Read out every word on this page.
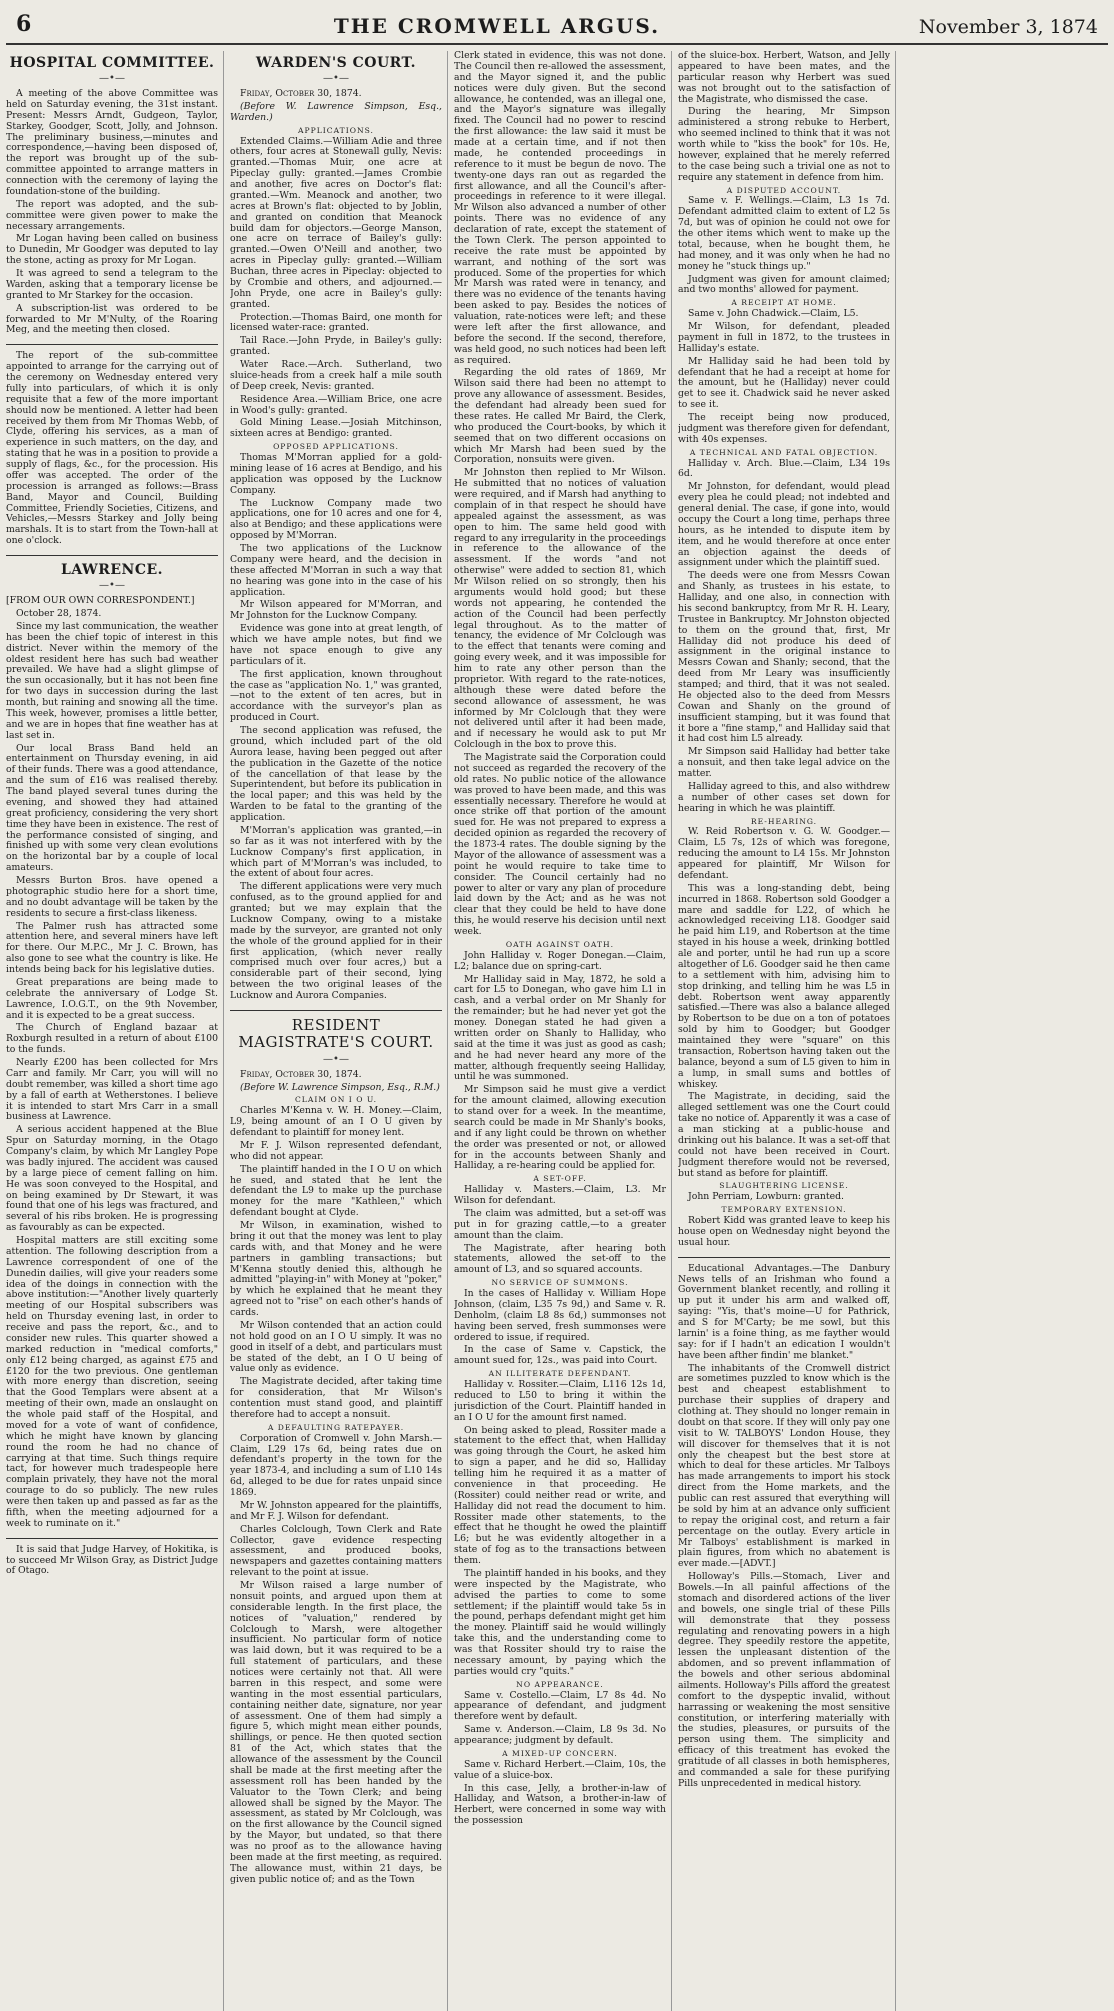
6	THE CROMWELL ARGUS.	November 3, 1874
HOSPITAL COMMITTEE.
—•—

A meeting of the above Committee was held on Saturday evening, the 31st instant. Present: Messrs Arndt, Gudgeon, Taylor, Starkey, Goodger, Scott, Jolly, and Johnson. The preliminary business,—minutes and correspondence,—having been disposed of, the report was brought up of the sub-committee appointed to arrange matters in connection with the ceremony of laying the foundation-stone of the building.

The report was adopted, and the sub-committee were given power to make the necessary arrangements.

Mr Logan having been called on business to Dunedin, Mr Goodger was deputed to lay the stone, acting as proxy for Mr Logan.

It was agreed to send a telegram to the Warden, asking that a temporary license be granted to Mr Starkey for the occasion.

A subscription-list was ordered to be forwarded to Mr M'Nulty, of the Roaring Meg, and the meeting then closed.

The report of the sub-committee appointed to arrange for the carrying out of the ceremony on Wednesday entered very fully into particulars, of which it is only requisite that a few of the more important should now be mentioned. A letter had been received by them from Mr Thomas Webb, of Clyde, offering his services, as a man of experience in such matters, on the day, and stating that he was in a position to provide a supply of flags, &c., for the procession. His offer was accepted. The order of the procession is arranged as follows:—Brass Band, Mayor and Council, Building Committee, Friendly Societies, Citizens, and Vehicles,—Messrs Starkey and Jolly being marshals. It is to start from the Town-hall at one o'clock.

LAWRENCE.
—•—

[FROM OUR OWN CORRESPONDENT.]

October 28, 1874.

Since my last communication, the weather has been the chief topic of interest in this district. Never within the memory of the oldest resident here has such bad weather prevailed. We have had a slight glimpse of the sun occasionally, but it has not been fine for two days in succession during the last month, but raining and snowing all the time. This week, however, promises a little better, and we are in hopes that fine weather has at last set in.

Our local Brass Band held an entertainment on Thursday evening, in aid of their funds. There was a good attendance, and the sum of £16 was realised thereby. The band played several tunes during the evening, and showed they had attained great proficiency, considering the very short time they have been in existence. The rest of the performance consisted of singing, and finished up with some very clean evolutions on the horizontal bar by a couple of local amateurs.

Messrs Burton Bros. have opened a photographic studio here for a short time, and no doubt advantage will be taken by the residents to secure a first-class likeness.

The Palmer rush has attracted some attention here, and several miners have left for there. Our M.P.C., Mr J. C. Brown, has also gone to see what the country is like. He intends being back for his legislative duties.

Great preparations are being made to celebrate the anniversary of Lodge St. Lawrence, I.O.G.T., on the 9th November, and it is expected to be a great success.

The Church of England bazaar at Roxburgh resulted in a return of about £100 to the funds.

Nearly £200 has been collected for Mrs Carr and family. Mr Carr, you will will no doubt remember, was killed a short time ago by a fall of earth at Wetherstones. I believe it is intended to start Mrs Carr in a small business at Lawrence.

A serious accident happened at the Blue Spur on Saturday morning, in the Otago Company's claim, by which Mr Langley Pope was badly injured. The accident was caused by a large piece of cement falling on him. He was soon conveyed to the Hospital, and on being examined by Dr Stewart, it was found that one of his legs was fractured, and several of his ribs broken. He is progressing as favourably as can be expected.

Hospital matters are still exciting some attention. The following description from a Lawrence correspondent of one of the Dunedin dailies, will give your readers some idea of the doings in connection with the above institution:—"Another lively quarterly meeting of our Hospital subscribers was held on Thursday evening last, in order to receive and pass the report, &c., and to consider new rules. This quarter showed a marked reduction in "medical comforts," only £12 being charged, as against £75 and £120 for the two previous. One gentleman with more energy than discretion, seeing that the Good Templars were absent at a meeting of their own, made an onslaught on the whole paid staff of the Hospital, and moved for a vote of want of confidence, which he might have known by glancing round the room he had no chance of carrying at that time. Such things require tact, for however much tradespeople here complain privately, they have not the moral courage to do so publicly. The new rules were then taken up and passed as far as the fifth, when the meeting adjourned for a week to ruminate on it."

It is said that Judge Harvey, of Hokitika, is to succeed Mr Wilson Gray, as District Judge of Otago.

WARDEN'S COURT.
—•—

Friday, October 30, 1874.

(Before W. Lawrence Simpson, Esq., Warden.)

APPLICATIONS.

Extended Claims.—William Adie and three others, four acres at Stonewall gully, Nevis: granted.—Thomas Muir, one acre at Pipeclay gully: granted.—James Crombie and another, five acres on Doctor's flat: granted.—Wm. Meanock and another, two acres at Brown's flat: objected to by Joblin, and granted on condition that Meanock build dam for objectors.—George Manson, one acre on terrace of Bailey's gully: granted.—Owen O'Neill and another, two acres in Pipeclay gully: granted.—William Buchan, three acres in Pipeclay: objected to by Crombie and others, and adjourned.—John Pryde, one acre in Bailey's gully: granted.

Protection.—Thomas Baird, one month for licensed water-race: granted.

Tail Race.—John Pryde, in Bailey's gully: granted.

Water Race.—Arch. Sutherland, two sluice-heads from a creek half a mile south of Deep creek, Nevis: granted.

Residence Area.—William Brice, one acre in Wood's gully: granted.

Gold Mining Lease.—Josiah Mitchinson, sixteen acres at Bendigo: granted.

OPPOSED APPLICATIONS.

Thomas M'Morran applied for a gold-mining lease of 16 acres at Bendigo, and his application was opposed by the Lucknow Company.

The Lucknow Company made two applications, one for 10 acres and one for 4, also at Bendigo; and these applications were opposed by M'Morran.

The two applications of the Lucknow Company were heard, and the decision in these affected M'Morran in such a way that no hearing was gone into in the case of his application.

Mr Wilson appeared for M'Morran, and Mr Johnston for the Lucknow Company.

Evidence was gone into at great length, of which we have ample notes, but find we have not space enough to give any particulars of it.

The first application, known throughout the case as "application No. 1," was granted,—not to the extent of ten acres, but in accordance with the surveyor's plan as produced in Court.

The second application was refused, the ground, which included part of the old Aurora lease, having been pegged out after the publication in the Gazette of the notice of the cancellation of that lease by the Superintendent, but before its publication in the local paper; and this was held by the Warden to be fatal to the granting of the application.

M'Morran's application was granted,—in so far as it was not interfered with by the Lucknow Company's first application, in which part of M'Morran's was included, to the extent of about four acres.

The different applications were very much confused, as to the ground applied for and granted; but we may explain that the Lucknow Company, owing to a mistake made by the surveyor, are granted not only the whole of the ground applied for in their first application, (which never really comprised much over four acres,) but a considerable part of their second, lying between the two original leases of the Lucknow and Aurora Companies.

RESIDENT MAGISTRATE'S COURT.
—•—

Friday, October 30, 1874.

(Before W. Lawrence Simpson, Esq., R.M.)

CLAIM ON I O U.

Charles M'Kenna v. W. H. Money.—Claim, L9, being amount of an I O U given by defendant to plaintiff for money lent.

Mr F. J. Wilson represented defendant, who did not appear.

The plaintiff handed in the I O U on which he sued, and stated that he lent the defendant the L9 to make up the purchase money for the mare "Kathleen," which defendant bought at Clyde.

Mr Wilson, in examination, wished to bring it out that the money was lent to play cards with, and that Money and he were partners in gambling transactions; but M'Kenna stoutly denied this, although he admitted "playing-in" with Money at "poker," by which he explained that he meant they agreed not to "rise" on each other's hands of cards.

Mr Wilson contended that an action could not hold good on an I O U simply. It was no good in itself of a debt, and particulars must be stated of the debt, an I O U being of value only as evidence.

The Magistrate decided, after taking time for consideration, that Mr Wilson's contention must stand good, and plaintiff therefore had to accept a nonsuit.

A DEFAULTING RATEPAYER.

Corporation of Cromwell v. John Marsh.—Claim, L29 17s 6d, being rates due on defendant's property in the town for the year 1873-4, and including a sum of L10 14s 6d, alleged to be due for rates unpaid since 1869.

Mr W. Johnston appeared for the plaintiffs, and Mr F. J. Wilson for defendant.

Charles Colclough, Town Clerk and Rate Collector, gave evidence respecting assessment, and produced books, newspapers and gazettes containing matters relevant to the point at issue.

Mr Wilson raised a large number of nonsuit points, and argued upon them at considerable length. In the first place, the notices of "valuation," rendered by Colclough to Marsh, were altogether insufficient. No particular form of notice was laid down, but it was required to be a full statement of particulars, and these notices were certainly not that. All were barren in this respect, and some were wanting in the most essential particulars, containing neither date, signature, nor year of assessment. One of them had simply a figure 5, which might mean either pounds, shillings, or pence. He then quoted section 81 of the Act, which states that the allowance of the assessment by the Council shall be made at the first meeting after the assessment roll has been handed by the Valuator to the Town Clerk; and being allowed shall be signed by the Mayor. The assessment, as stated by Mr Colclough, was on the first allowance by the Council signed by the Mayor, but undated, so that there was no proof as to the allowance having been made at the first meeting, as required. The allowance must, within 21 days, be given public notice of; and as the Town

Clerk stated in evidence, this was not done. The Council then re-allowed the assessment, and the Mayor signed it, and the public notices were duly given. But the second allowance, he contended, was an illegal one, and the Mayor's signature was illegally fixed. The Council had no power to rescind the first allowance: the law said it must be made at a certain time, and if not then made, he contended proceedings in reference to it must be begun de novo. The twenty-one days ran out as regarded the first allowance, and all the Council's after-proceedings in reference to it were illegal. Mr Wilson also advanced a number of other points. There was no evidence of any declaration of rate, except the statement of the Town Clerk. The person appointed to receive the rate must be appointed by warrant, and nothing of the sort was produced. Some of the properties for which Mr Marsh was rated were in tenancy, and there was no evidence of the tenants having been asked to pay. Besides the notices of valuation, rate-notices were left; and these were left after the first allowance, and before the second. If the second, therefore, was held good, no such notices had been left as required.

Regarding the old rates of 1869, Mr Wilson said there had been no attempt to prove any allowance of assessment. Besides, the defendant had already been sued for these rates. He called Mr Baird, the Clerk, who produced the Court-books, by which it seemed that on two different occasions on which Mr Marsh had been sued by the Corporation, nonsuits were given.

Mr Johnston then replied to Mr Wilson. He submitted that no notices of valuation were required, and if Marsh had anything to complain of in that respect he should have appealed against the assessment, as was open to him. The same held good with regard to any irregularity in the proceedings in reference to the allowance of the assessment. If the words "and not otherwise" were added to section 81, which Mr Wilson relied on so strongly, then his arguments would hold good; but these words not appearing, he contended the action of the Council had been perfectly legal throughout. As to the matter of tenancy, the evidence of Mr Colclough was to the effect that tenants were coming and going every week, and it was impossible for him to rate any other person than the proprietor. With regard to the rate-notices, although these were dated before the second allowance of assessment, he was informed by Mr Colclough that they were not delivered until after it had been made, and if necessary he would ask to put Mr Colclough in the box to prove this.

The Magistrate said the Corporation could not succeed as regarded the recovery of the old rates. No public notice of the allowance was proved to have been made, and this was essentially necessary. Therefore he would at once strike off that portion of the amount sued for. He was not prepared to express a decided opinion as regarded the recovery of the 1873-4 rates. The double signing by the Mayor of the allowance of assessment was a point he would require to take time to consider. The Council certainly had no power to alter or vary any plan of procedure laid down by the Act; and as he was not clear that they could be held to have done this, he would reserve his decision until next week.

OATH AGAINST OATH.

John Halliday v. Roger Donegan.—Claim, L2; balance due on spring-cart.

Mr Halliday said in May, 1872, he sold a cart for L5 to Donegan, who gave him L1 in cash, and a verbal order on Mr Shanly for the remainder; but he had never yet got the money. Donegan stated he had given a written order on Shanly to Halliday, who said at the time it was just as good as cash; and he had never heard any more of the matter, although frequently seeing Halliday, until he was summoned.

Mr Simpson said he must give a verdict for the amount claimed, allowing execution to stand over for a week. In the meantime, search could be made in Mr Shanly's books, and if any light could be thrown on whether the order was presented or not, or allowed for in the accounts between Shanly and Halliday, a re-hearing could be applied for.

A SET-OFF.

Halliday v. Masters.—Claim, L3. Mr Wilson for defendant.

The claim was admitted, but a set-off was put in for grazing cattle,—to a greater amount than the claim.

The Magistrate, after hearing both statements, allowed the set-off to the amount of L3, and so squared accounts.

NO SERVICE OF SUMMONS.

In the cases of Halliday v. William Hope Johnson, (claim, L35 7s 9d,) and Same v. R. Denholm, (claim L8 8s 6d,) summonses not having been served, fresh summonses were ordered to issue, if required.

In the case of Same v. Capstick, the amount sued for, 12s., was paid into Court.

AN ILLITERATE DEFENDANT.

Halliday v. Rossiter.—Claim, L116 12s 1d, reduced to L50 to bring it within the jurisdiction of the Court. Plaintiff handed in an I O U for the amount first named.

On being asked to plead, Rossiter made a statement to the effect that, when Halliday was going through the Court, he asked him to sign a paper, and he did so, Halliday telling him he required it as a matter of convenience in that proceeding. He (Rossiter) could neither read or write, and Halliday did not read the document to him. Rossiter made other statements, to the effect that he thought he owed the plaintiff L6; but he was evidently altogether in a state of fog as to the transactions between them.

The plaintiff handed in his books, and they were inspected by the Magistrate, who advised the parties to come to some settlement; if the plaintiff would take 5s in the pound, perhaps defendant might get him the money. Plaintiff said he would willingly take this, and the understanding come to was that Rossiter should try to raise the necessary amount, by paying which the parties would cry "quits."

NO APPEARANCE.

Same v. Costello.—Claim, L7 8s 4d. No appearance of defendant, and judgment therefore went by default.

Same v. Anderson.—Claim, L8 9s 3d. No appearance; judgment by default.

A MIXED-UP CONCERN.

Same v. Richard Herbert.—Claim, 10s, the value of a sluice-box.

In this case, Jelly, a brother-in-law of Halliday, and Watson, a brother-in-law of Herbert, were concerned in some way with the possession

of the sluice-box. Herbert, Watson, and Jelly appeared to have been mates, and the particular reason why Herbert was sued was not brought out to the satisfaction of the Magistrate, who dismissed the case.

During the hearing, Mr Simpson administered a strong rebuke to Herbert, who seemed inclined to think that it was not worth while to "kiss the book" for 10s. He, however, explained that he merely referred to the case being such a trivial one as not to require any statement in defence from him.

A DISPUTED ACCOUNT.

Same v. F. Wellings.—Claim, L3 1s 7d. Defendant admitted claim to extent of L2 5s 7d, but was of opinion he could not owe for the other items which went to make up the total, because, when he bought them, he had money, and it was only when he had no money he "stuck things up."

Judgment was given for amount claimed; and two months' allowed for payment.

A RECEIPT AT HOME.

Same v. John Chadwick.—Claim, L5.

Mr Wilson, for defendant, pleaded payment in full in 1872, to the trustees in Halliday's estate.

Mr Halliday said he had been told by defendant that he had a receipt at home for the amount, but he (Halliday) never could get to see it. Chadwick said he never asked to see it.

The receipt being now produced, judgment was therefore given for defendant, with 40s expenses.

A TECHNICAL AND FATAL OBJECTION.

Halliday v. Arch. Blue.—Claim, L34 19s 6d.

Mr Johnston, for defendant, would plead every plea he could plead; not indebted and general denial. The case, if gone into, would occupy the Court a long time, perhaps three hours, as he intended to dispute item by item, and he would therefore at once enter an objection against the deeds of assignment under which the plaintiff sued.

The deeds were one from Messrs Cowan and Shanly, as trustees in his estate, to Halliday, and one also, in connection with his second bankruptcy, from Mr R. H. Leary, Trustee in Bankruptcy. Mr Johnston objected to them on the ground that, first, Mr Halliday did not produce his deed of assignment in the original instance to Messrs Cowan and Shanly; second, that the deed from Mr Leary was insufficiently stamped; and third, that it was not sealed. He objected also to the deed from Messrs Cowan and Shanly on the ground of insufficient stamping, but it was found that it bore a "fine stamp," and Halliday said that it had cost him L5 already.

Mr Simpson said Halliday had better take a nonsuit, and then take legal advice on the matter.

Halliday agreed to this, and also withdrew a number of other cases set down for hearing in which he was plaintiff.

RE-HEARING.

W. Reid Robertson v. G. W. Goodger.—Claim, L5 7s, 12s of which was foregone, reducing the amount to L4 15s. Mr Johnston appeared for plaintiff, Mr Wilson for defendant.

This was a long-standing debt, being incurred in 1868. Robertson sold Goodger a mare and saddle for L22, of which he acknowledged receiving L18. Goodger said he paid him L19, and Robertson at the time stayed in his house a week, drinking bottled ale and porter, until he had run up a score altogether of L6. Goodger said he then came to a settlement with him, advising him to stop drinking, and telling him he was L5 in debt. Robertson went away apparently satisfied.—There was also a balance alleged by Robertson to be due on a ton of potatoes sold by him to Goodger; but Goodger maintained they were "square" on this transaction, Robertson having taken out the balance, beyond a sum of L5 given to him in a lump, in small sums and bottles of whiskey.

The Magistrate, in deciding, said the alleged settlement was one the Court could take no notice of. Apparently it was a case of a man sticking at a public-house and drinking out his balance. It was a set-off that could not have been received in Court. Judgment therefore would not be reversed, but stand as before for plaintiff.

SLAUGHTERING LICENSE.

John Perriam, Lowburn: granted.

TEMPORARY EXTENSION.

Robert Kidd was granted leave to keep his house open on Wednesday night beyond the usual hour.

Educational Advantages.—The Danbury News tells of an Irishman who found a Government blanket recently, and rolling it up put it under his arm and walked off, saying: "Yis, that's moine—U for Pathrick, and S for M'Carty; be me sowl, but this larnin' is a foine thing, as me fayther would say: for if I hadn't an edication I wouldn't have been afther findin' me blanket."

The inhabitants of the Cromwell district are sometimes puzzled to know which is the best and cheapest establishment to purchase their supplies of drapery and clothing at. They should no longer remain in doubt on that score. If they will only pay one visit to W. TALBOYS' London House, they will discover for themselves that it is not only the cheapest but the best store at which to deal for these articles. Mr Talboys has made arrangements to import his stock direct from the Home markets, and the public can rest assured that everything will be sold by him at an advance only sufficient to repay the original cost, and return a fair percentage on the outlay. Every article in Mr Talboys' establishment is marked in plain figures, from which no abatement is ever made.—[ADVT.]

Holloway's Pills.—Stomach, Liver and Bowels.—In all painful affections of the stomach and disordered actions of the liver and bowels, one single trial of these Pills will demonstrate that they possess regulating and renovating powers in a high degree. They speedily restore the appetite, lessen the unpleasant distention of the abdomen, and so prevent inflammation of the bowels and other serious abdominal ailments. Holloway's Pills afford the greatest comfort to the dyspeptic invalid, without harrassing or weakening the most sensitive constitution, or interfering materially with the studies, pleasures, or pursuits of the person using them. The simplicity and efficacy of this treatment has evoked the gratitude of all classes in both hemispheres, and commanded a sale for these purifying Pills unprecedented in medical history.
